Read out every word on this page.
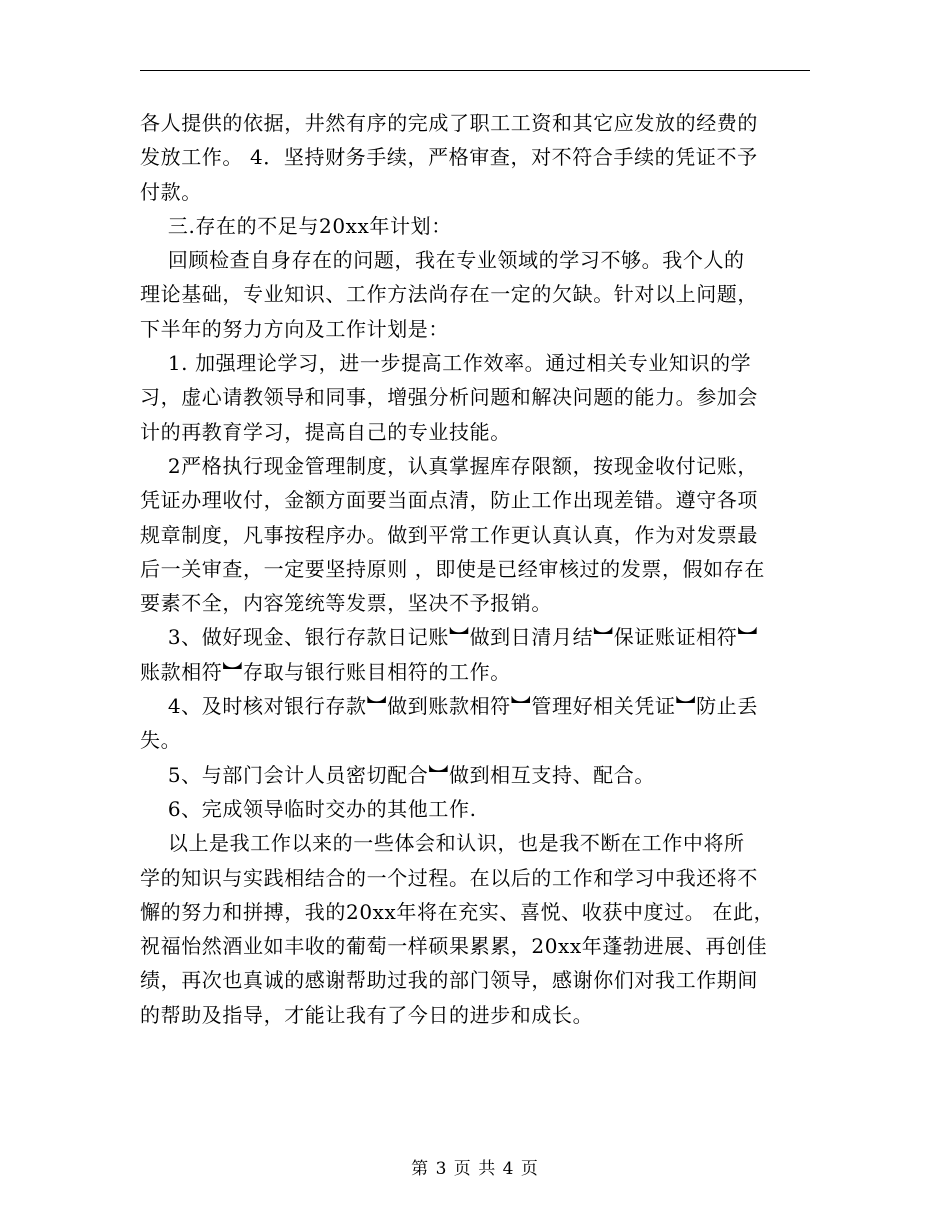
各人提供的依据，井然有序的完成了职工工资和其它应发放的经费的

发放工作。 4．坚持财务手续，严格审查，对不符合手续的凭证不予

付款。

三.存在的不足与20xx年计划：

回顾检查自身存在的问题，我在专业领域的学习不够。我个人的

理论基础，专业知识、工作方法尚存在一定的欠缺。针对以上问题，

下半年的努力方向及工作计划是：

1. 加强理论学习，进一步提高工作效率。通过相关专业知识的学

习，虚心请教领导和同事，增强分析问题和解决问题的能力。参加会

计的再教育学习，提高自己的专业技能。

2严格执行现金管理制度，认真掌握库存限额，按现金收付记账，

凭证办理收付，金额方面要当面点清，防止工作出现差错。遵守各项

规章制度，凡事按程序办。做到平常工作更认真认真，作为对发票最

后一关审查，一定要坚持原则 ，即使是已经审核过的发票，假如存在

要素不全，内容笼统等发票，坚决不予报销。

3、做好现金、银行存款日记账︼做到日清月结︼保证账证相符︼

账款相符︼存取与银行账目相符的工作。

4、及时核对银行存款︼做到账款相符︼管理好相关凭证︼防止丢

失。

5、与部门会计人员密切配合︼做到相互支持、配合。

6、完成领导临时交办的其他工作.

以上是我工作以来的一些体会和认识，也是我不断在工作中将所

学的知识与实践相结合的一个过程。在以后的工作和学习中我还将不

懈的努力和拼搏，我的20xx年将在充实、喜悦、收获中度过。 在此，

祝福怡然酒业如丰收的葡萄一样硕果累累，20xx年蓬勃进展、再创佳

绩，再次也真诚的感谢帮助过我的部门领导，感谢你们对我工作期间

的帮助及指导，才能让我有了今日的进步和成长。

第 3 页 共 4 页
